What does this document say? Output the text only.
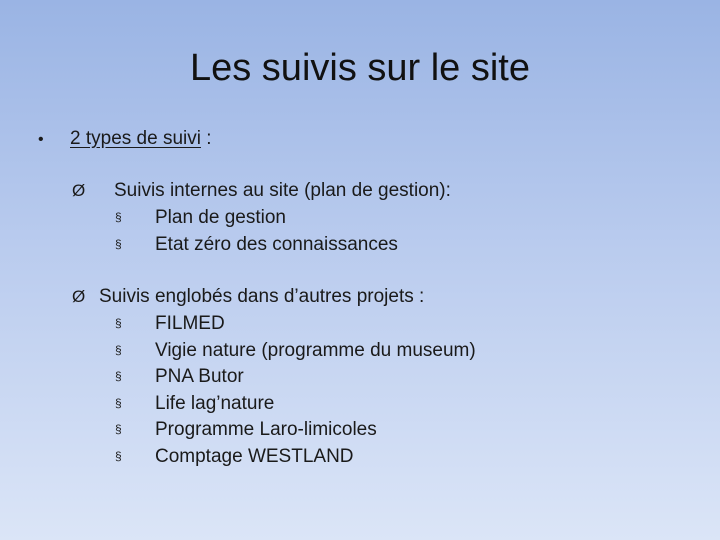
Les suivis sur le site
• 2 types de suivi :
Ø Suivis internes au site (plan de gestion):
§ Plan de gestion
§ Etat zéro des connaissances
Ø Suivis englobés dans d’autres projets :
§ FILMED
§ Vigie nature (programme du museum)
§ PNA Butor
§ Life lag’nature
§ Programme Laro-limicoles
§ Comptage WESTLAND
